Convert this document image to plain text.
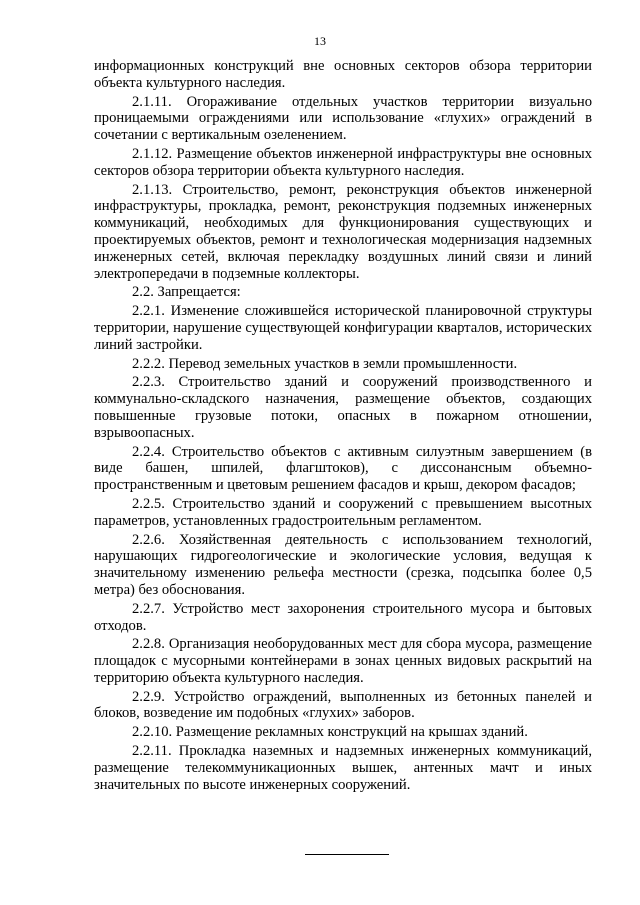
13

информационных конструкций вне основных секторов обзора территории объекта культурного наследия.

2.1.11. Огораживание отдельных участков территории визуально проницаемыми ограждениями или использование «глухих» ограждений в сочетании с вертикальным озеленением.

2.1.12. Размещение объектов инженерной инфраструктуры вне основных секторов обзора территории объекта культурного наследия.

2.1.13. Строительство, ремонт, реконструкция объектов инженерной инфраструктуры, прокладка, ремонт, реконструкция подземных инженерных коммуникаций, необходимых для функционирования существующих и проектируемых объектов, ремонт и технологическая модернизация надземных инженерных сетей, включая перекладку воздушных линий связи и линий электропередачи в подземные коллекторы.

2.2. Запрещается:

2.2.1. Изменение сложившейся исторической планировочной структуры территории, нарушение существующей конфигурации кварталов, исторических линий застройки.

2.2.2. Перевод земельных участков в земли промышленности.

2.2.3. Строительство зданий и сооружений производственного и коммунально-складского назначения, размещение объектов, создающих повышенные грузовые потоки, опасных в пожарном отношении, взрывоопасных.

2.2.4. Строительство объектов с активным силуэтным завершением (в виде башен, шпилей, флагштоков), с диссонансным объемно-пространственным и цветовым решением фасадов и крыш, декором фасадов;

2.2.5. Строительство зданий и сооружений с превышением высотных параметров, установленных градостроительным регламентом.

2.2.6. Хозяйственная деятельность с использованием технологий, нарушающих гидрогеологические и экологические условия, ведущая к значительному изменению рельефа местности (срезка, подсыпка более 0,5 метра) без обоснования.

2.2.7. Устройство мест захоронения строительного мусора и бытовых отходов.

2.2.8. Организация необорудованных мест для сбора мусора, размещение площадок с мусорными контейнерами в зонах ценных видовых раскрытий на территорию объекта культурного наследия.

2.2.9. Устройство ограждений, выполненных из бетонных панелей и блоков, возведение им подобных «глухих» заборов.

2.2.10. Размещение рекламных конструкций на крышах зданий.

2.2.11. Прокладка наземных и надземных инженерных коммуникаций, размещение телекоммуникационных вышек, антенных мачт и иных значительных по высоте инженерных сооружений.
